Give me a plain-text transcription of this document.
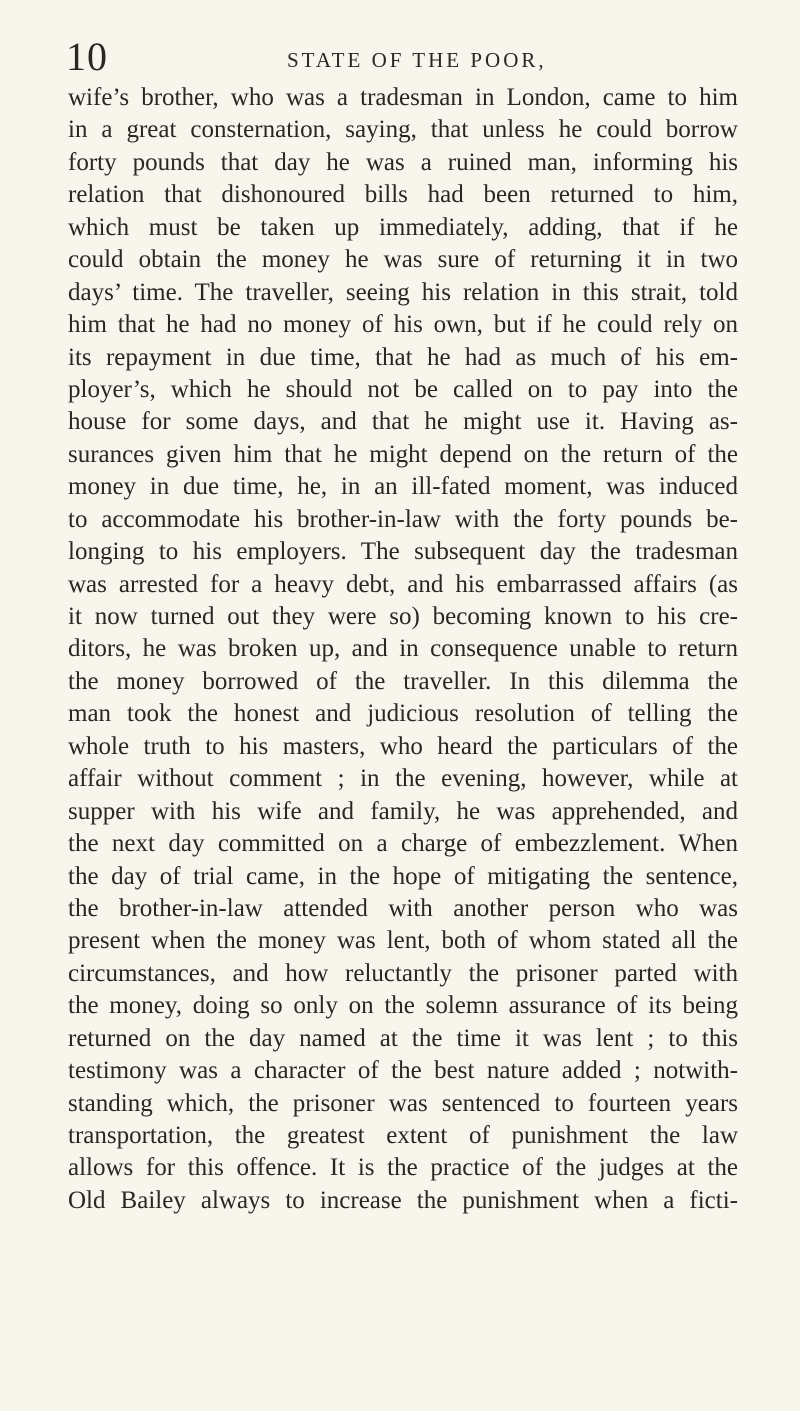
10	STATE OF THE POOR,
wife’s brother, who was a tradesman in London, came to him
in a great consternation, saying, that unless he could borrow
forty pounds that day he was a ruined man, informing his
relation that dishonoured bills had been returned to him,
which must be taken up immediately, adding, that if he
could obtain the money he was sure of returning it in two
days’ time. The traveller, seeing his relation in this strait, told
him that he had no money of his own, but if he could rely on
its repayment in due time, that he had as much of his em-
ployer’s, which he should not be called on to pay into the
house for some days, and that he might use it. Having as-
surances given him that he might depend on the return of the
money in due time, he, in an ill-fated moment, was induced
to accommodate his brother-in-law with the forty pounds be-
longing to his employers. The subsequent day the tradesman
was arrested for a heavy debt, and his embarrassed affairs (as
it now turned out they were so) becoming known to his cre-
ditors, he was broken up, and in consequence unable to return
the money borrowed of the traveller. In this dilemma the
man took the honest and judicious resolution of telling the
whole truth to his masters, who heard the particulars of the
affair without comment ; in the evening, however, while at
supper with his wife and family, he was apprehended, and
the next day committed on a charge of embezzlement. When
the day of trial came, in the hope of mitigating the sentence,
the brother-in-law attended with another person who was
present when the money was lent, both of whom stated all the
circumstances, and how reluctantly the prisoner parted with
the money, doing so only on the solemn assurance of its being
returned on the day named at the time it was lent ; to this
testimony was a character of the best nature added ; notwith-
standing which, the prisoner was sentenced to fourteen years
transportation, the greatest extent of punishment the law
allows for this offence. It is the practice of the judges at the
Old Bailey always to increase the punishment when a ficti-
